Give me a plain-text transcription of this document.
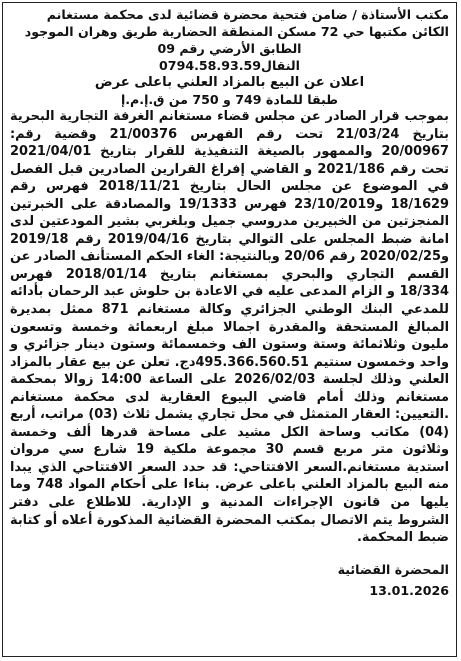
مكتب الأستاذة / ضامن فتحية محضرة قضائية لدى محكمة مستغانم

الكائن مكتبها حي 72 مسكن المنطقة الحضارية طريق وهران الموجود

الطابق الأرضي رقم 09

النقال0794.58.93.59

اعلان عن البيع بالمزاد العلني باعلى عرض

طبقا للمادة 749 و 750 من ق.إ.م.إ

بموجب قرار الصادر عن مجلس قضاء مستغانم الغرفة التجارية البحرية بتاريخ 21/03/24 تحت رقم الفهرس 21/00376 وقضية رقم: 20/00967 والممهور بالصيغة التنفيذية للقرار بتاريخ 2021/04/01 تحت رقم 2021/186 و القاضي إفراغ القرارين الصادرين قبل الفصل في الموضوع عن مجلس الحال بتاريخ 2018/11/21 فهرس رقم 18/1629 و23/10/2019 فهرس 19/1333 والمصادقة على الخبرتين المنجزتين من الخبيرين مدروسي جميل وبلغربي بشير المودعتين لدى امانة ضبط المجلس على التوالي بتاريخ 2019/04/16 رقم 2019/18 و2020/02/25 رقم 20/06 وبالنتيجة: الغاء الحكم المستأنف الصادر عن القسم التجاري والبحري بمستغانم بتاريخ 2018/01/14 فهرس 18/334 و الزام المدعى عليه في الاعادة بن حلوش عبد الرحمان بأدائه للمدعي البنك الوطني الجزائري وكالة مستغانم 871 ممثل بمديرة المبالغ المستحقة والمقدرة اجمالا مبلغ اربعمائة وخمسة وتسعون مليون وثلاثمائة وستة وستون الف وخمسمائة وستون دينار جزائري و واحد وخمسون سنتيم 495.366.560.51دج. تعلن عن بيع عقار بالمزاد العلني وذلك لجلسة 2026/02/03 على الساعة 14:00 زوالا بمحكمة مستغانم وذلك أمام قاضي البيوع العقارية لدى محكمة مستغانم .التعيين: العقار المتمثل في محل تجاري يشمل ثلاث (03) مراتب، أربع (04) مكاتب وساحة الكل مشيد على مساحة قدرها ألف وخمسة وثلاثون متر مربع قسم 30 مجموعة ملكية 19 شارع سي مروان استدية مستغانم.السعر الافتتاحي: قد حدد السعر الافتتاحي الذي يبدا منه البيع بالمزاد العلني باعلى عرض. بناءا على أحكام المواد 748 وما يليها من قانون الإجراءات المدنية و الإدارية. للاطلاع على دفتر الشروط يتم الاتصال بمكتب المحضرة القضائية المذكورة أعلاه أو كتابة ضبط المحكمة.

المحضرة القضائية

13.01.2026
